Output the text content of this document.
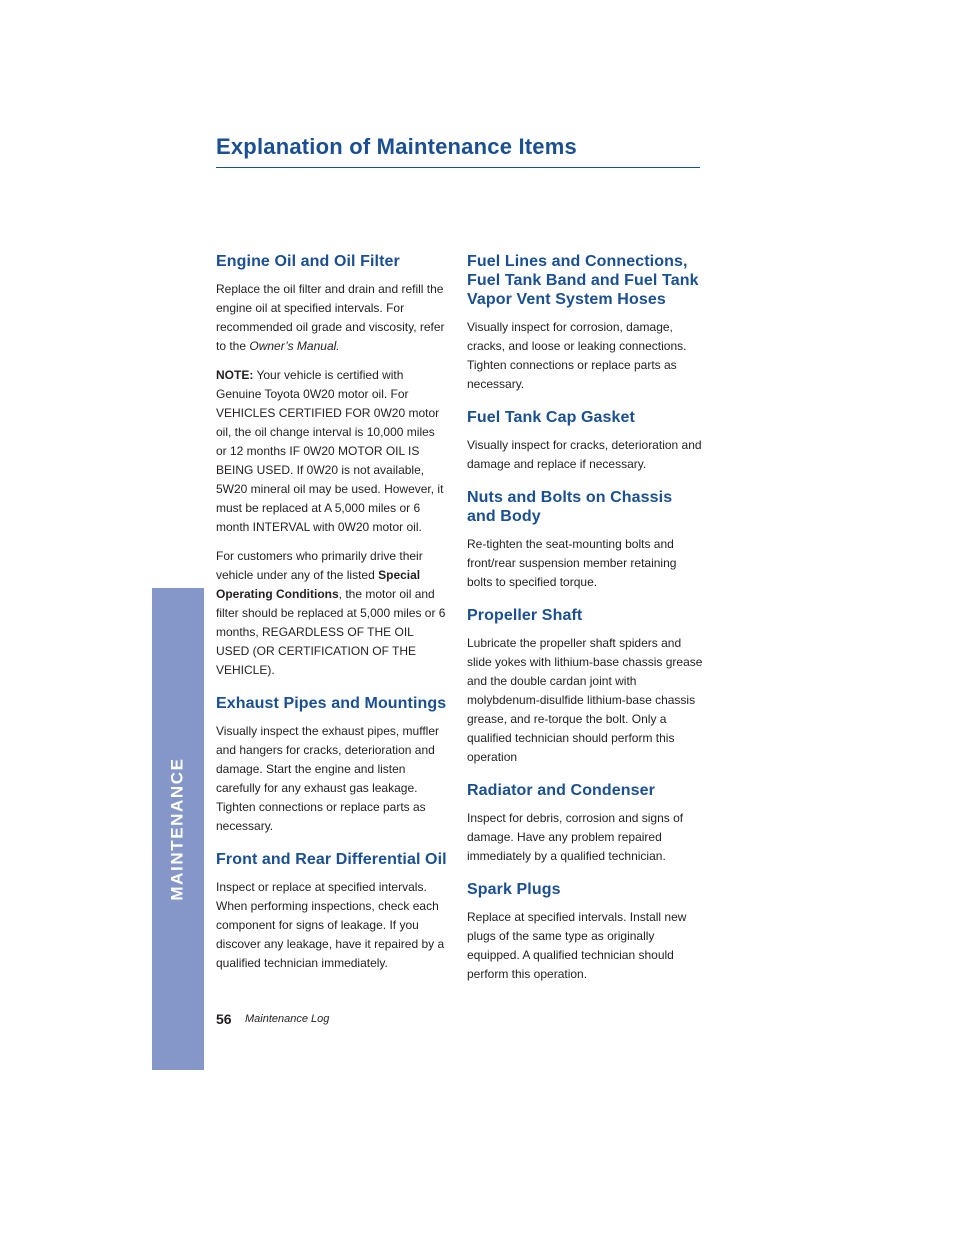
Explanation of Maintenance Items
MAINTENANCE
Engine Oil and Oil Filter

Replace the oil filter and drain and refill the engine oil at specified intervals. For recommended oil grade and viscosity, refer to the Owner’s Manual.

NOTE: Your vehicle is certified with Genuine Toyota 0W20 motor oil. For VEHICLES CERTIFIED FOR 0W20 motor oil, the oil change interval is 10,000 miles or 12 months IF 0W20 MOTOR OIL IS BEING USED. If 0W20 is not available, 5W20 mineral oil may be used. However, it must be replaced at A 5,000 miles or 6 month INTERVAL with 0W20 motor oil.

For customers who primarily drive their vehicle under any of the listed Special Operating Conditions, the motor oil and filter should be replaced at 5,000 miles or 6 months, REGARDLESS OF THE OIL USED (OR CERTIFICATION OF THE VEHICLE).

Exhaust Pipes and Mountings

Visually inspect the exhaust pipes, muffler and hangers for cracks, deterioration and damage. Start the engine and listen carefully for any exhaust gas leakage. Tighten connections or replace parts as necessary.

Front and Rear Differential Oil

Inspect or replace at specified intervals. When performing inspections, check each component for signs of leakage. If you discover any leakage, have it repaired by a qualified technician immediately.

Fuel Lines and Connections, Fuel Tank Band and Fuel Tank Vapor Vent System Hoses

Visually inspect for corrosion, damage, cracks, and loose or leaking connections. Tighten connections or replace parts as necessary.

Fuel Tank Cap Gasket

Visually inspect for cracks, deterioration and damage and replace if necessary.

Nuts and Bolts on Chassis and Body

Re-tighten the seat-mounting bolts and front/rear suspension member retaining bolts to specified torque.

Propeller Shaft

Lubricate the propeller shaft spiders and slide yokes with lithium-base chassis grease and the double cardan joint with molybdenum-disulfide lithium-base chassis grease, and re-torque the bolt. Only a qualified technician should perform this operation

Radiator and Condenser

Inspect for debris, corrosion and signs of damage. Have any problem repaired immediately by a qualified technician.

Spark Plugs

Replace at specified intervals. Install new plugs of the same type as originally equipped. A qualified technician should perform this operation.

56 Maintenance Log
